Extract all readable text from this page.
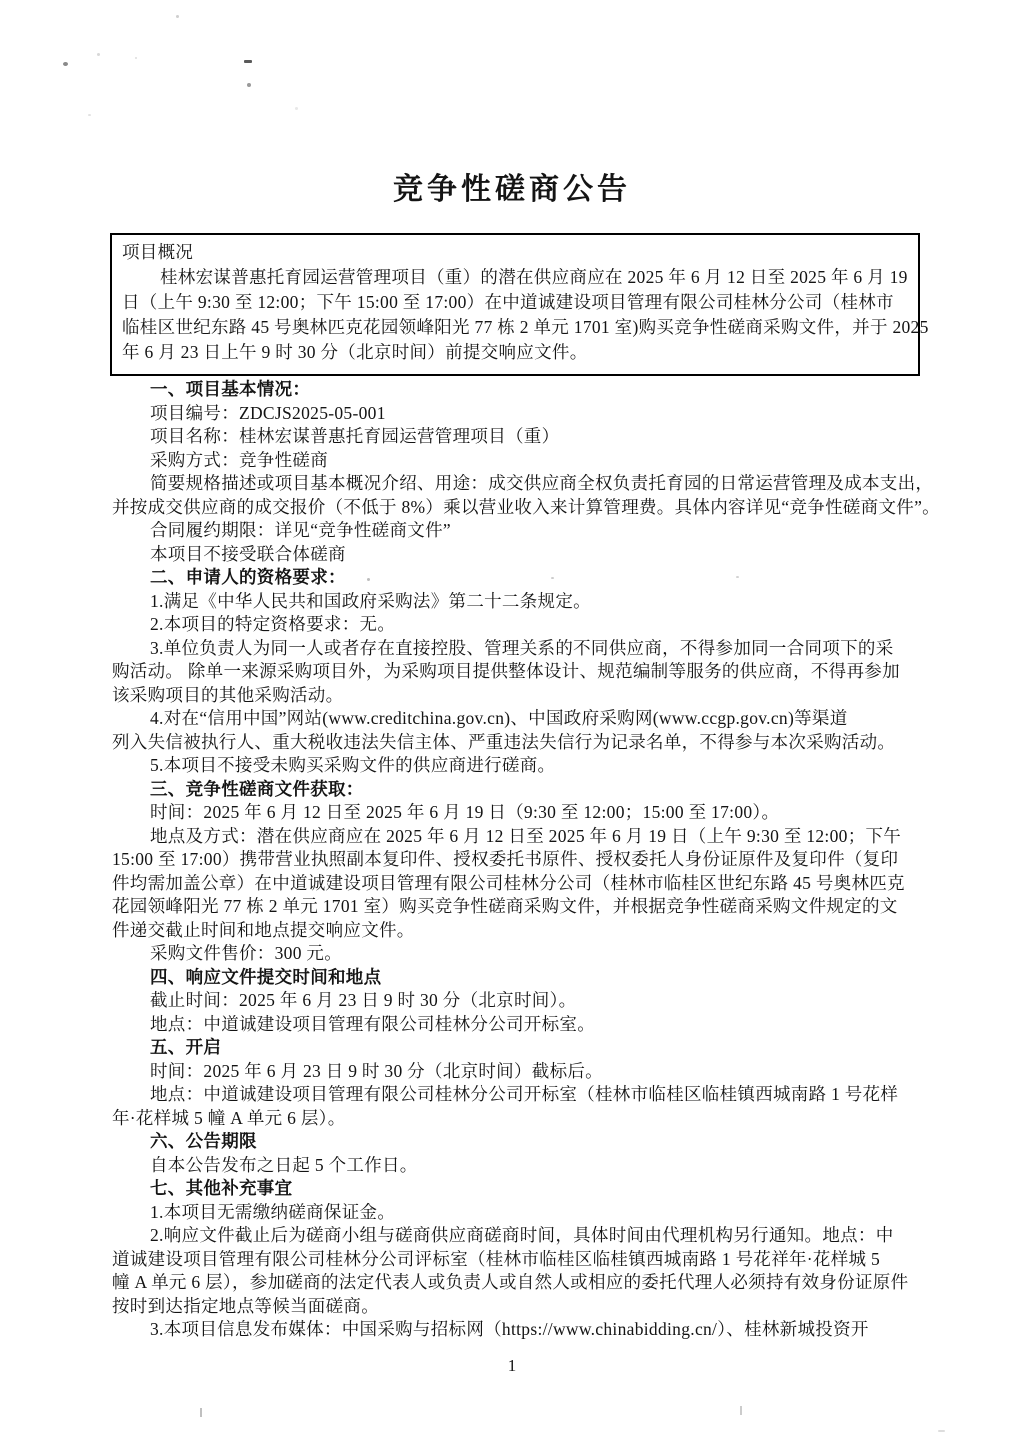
竞争性磋商公告
项目概况
桂林宏谋普惠托育园运营管理项目（重）的潜在供应商应在 2025 年 6 月 12 日至 2025 年 6 月 19
日（上午 9:30 至 12:00；下午 15:00 至 17:00）在中道诚建设项目管理有限公司桂林分公司（桂林市
临桂区世纪东路 45 号奥林匹克花园领峰阳光 77 栋 2 单元 1701 室)购买竞争性磋商采购文件，并于 2025
年 6 月 23 日上午 9 时 30 分（北京时间）前提交响应文件。
一、项目基本情况：
项目编号：ZDCJS2025-05-001
项目名称：桂林宏谋普惠托育园运营管理项目（重）
采购方式：竞争性磋商
简要规格描述或项目基本概况介绍、用途：成交供应商全权负责托育园的日常运营管理及成本支出，
并按成交供应商的成交报价（不低于 8%）乘以营业收入来计算管理费。具体内容详见“竞争性磋商文件”。
合同履约期限：详见“竞争性磋商文件”
本项目不接受联合体磋商
二、申请人的资格要求：
1.满足《中华人民共和国政府采购法》第二十二条规定。
2.本项目的特定资格要求：无。
3.单位负责人为同一人或者存在直接控股、管理关系的不同供应商，不得参加同一合同项下的采
购活动。 除单一来源采购项目外，为采购项目提供整体设计、规范编制等服务的供应商，不得再参加
该采购项目的其他采购活动。
4.对在“信用中国”网站(www.creditchina.gov.cn)、中国政府采购网(www.ccgp.gov.cn)等渠道
列入失信被执行人、重大税收违法失信主体、严重违法失信行为记录名单，不得参与本次采购活动。
5.本项目不接受未购买采购文件的供应商进行磋商。
三、竞争性磋商文件获取：
时间：2025 年 6 月 12 日至 2025 年 6 月 19 日（9:30 至 12:00；15:00 至 17:00）。
地点及方式：潜在供应商应在 2025 年 6 月 12 日至 2025 年 6 月 19 日（上午 9:30 至 12:00；下午
15:00 至 17:00）携带营业执照副本复印件、授权委托书原件、授权委托人身份证原件及复印件（复印
件均需加盖公章）在中道诚建设项目管理有限公司桂林分公司（桂林市临桂区世纪东路 45 号奥林匹克
花园领峰阳光 77 栋 2 单元 1701 室）购买竞争性磋商采购文件，并根据竞争性磋商采购文件规定的文
件递交截止时间和地点提交响应文件。
采购文件售价：300 元。
四、响应文件提交时间和地点
截止时间：2025 年 6 月 23 日 9 时 30 分（北京时间）。
地点：中道诚建设项目管理有限公司桂林分公司开标室。
五、开启
时间：2025 年 6 月 23 日 9 时 30 分（北京时间）截标后。
地点：中道诚建设项目管理有限公司桂林分公司开标室（桂林市临桂区临桂镇西城南路 1 号花样
年·花样城 5 幢 A 单元 6 层）。
六、公告期限
自本公告发布之日起 5 个工作日。
七、其他补充事宜
1.本项目无需缴纳磋商保证金。
2.响应文件截止后为磋商小组与磋商供应商磋商时间，具体时间由代理机构另行通知。地点：中
道诚建设项目管理有限公司桂林分公司评标室（桂林市临桂区临桂镇西城南路 1 号花祥年·花样城 5
幢 A 单元 6 层），参加磋商的法定代表人或负责人或自然人或相应的委托代理人必须持有效身份证原件
按时到达指定地点等候当面磋商。
3.本项目信息发布媒体：中国采购与招标网（https://www.chinabidding.cn/）、桂林新城投资开
1
